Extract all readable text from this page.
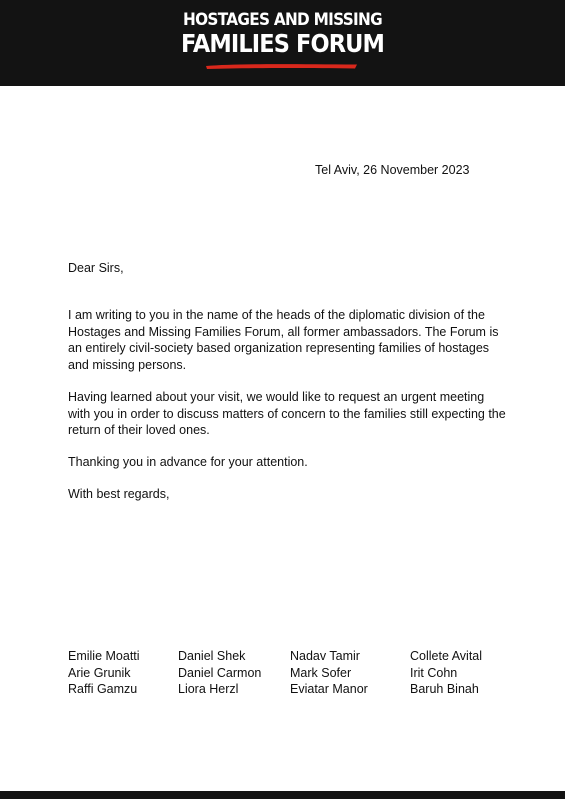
HOSTAGES AND MISSING
FAMILIES FORUM

Tel Aviv, 26 November 2023

Dear Sirs,

I am writing to you in the name of the heads of the diplomatic division of the Hostages and Missing Families Forum, all former ambassadors. The Forum is an entirely civil-society based organization representing families of hostages and missing persons.

Having learned about your visit, we would like to request an urgent meeting with you in order to discuss matters of concern to the families still expecting the return of their loved ones.

Thanking you in advance for your attention.

With best regards,

Emilie Moatti
Arie Grunik
Raffi Gamzu
Daniel Shek
Daniel Carmon
Liora Herzl
Nadav Tamir
Mark Sofer
Eviatar Manor
Collete Avital
Irit Cohn
Baruh Binah
